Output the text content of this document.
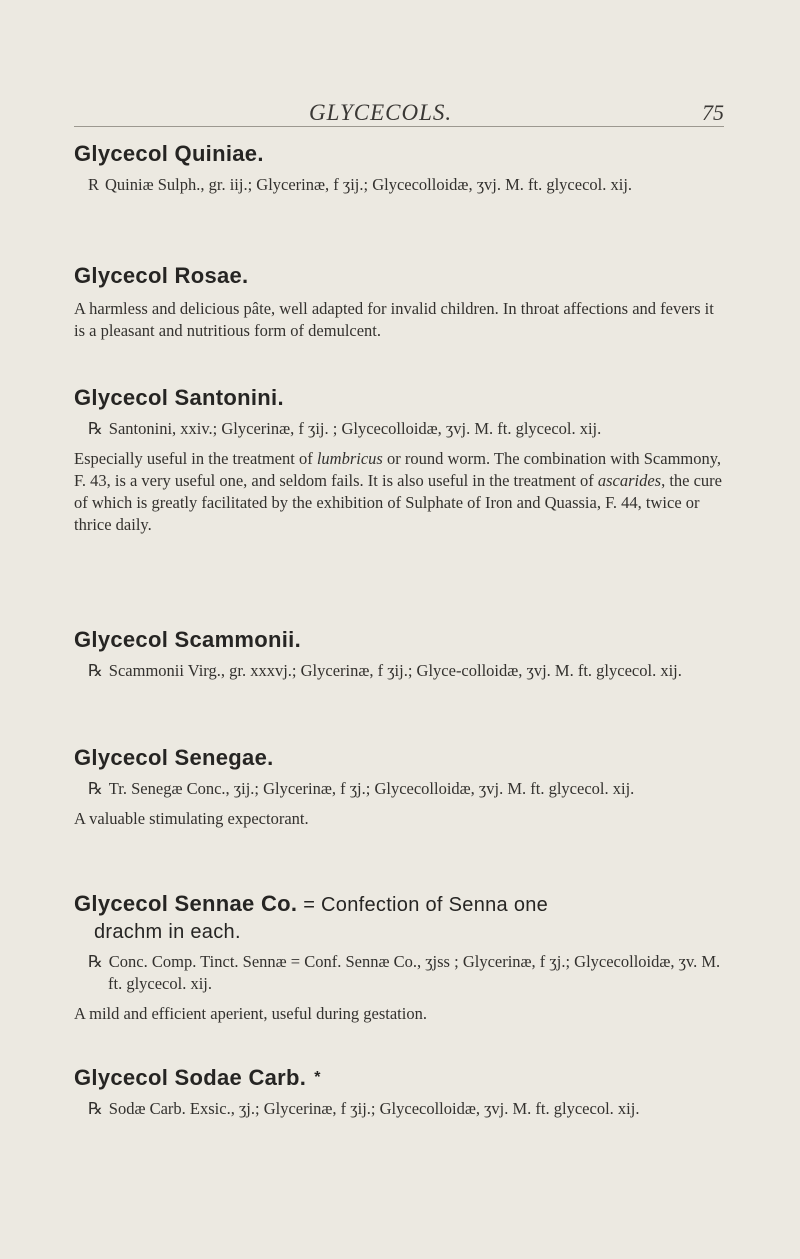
GLYCECOLS.	75
Glycecol Quiniae.

R Quiniæ Sulph., gr. iij.; Glycerinæ, f ʒij.; Glycecolloidæ, ʒvj. M. ft. glycecol. xij.

Glycecol Rosae.

A harmless and delicious pâte, well adapted for invalid children. In throat affections and fevers it is a pleasant and nutritious form of demulcent.

Glycecol Santonini.

℞ Santonini, xxiv.; Glycerinæ, f ʒij. ; Glycecolloidæ, ʒvj. M. ft. glycecol. xij.

Especially useful in the treatment of lumbricus or round worm. The combination with Scammony, F. 43, is a very useful one, and seldom fails. It is also useful in the treatment of ascarides, the cure of which is greatly facilitated by the exhibition of Sulphate of Iron and Quassia, F. 44, twice or thrice daily.

Glycecol Scammonii.

℞ Scammonii Virg., gr. xxxvj.; Glycerinæ, f ʒij.; Glyce-colloidæ, ʒvj. M. ft. glycecol. xij.

Glycecol Senegae.

℞ Tr. Senegæ Conc., ʒij.; Glycerinæ, f ʒj.; Glycecolloidæ, ʒvj. M. ft. glycecol. xij.

A valuable stimulating expectorant.

Glycecol Sennae Co. = Confection of Senna one
drachm in each.

℞ Conc. Comp. Tinct. Sennæ = Conf. Sennæ Co., ʒjss ; Glycerinæ, f ʒj.; Glycecolloidæ, ʒv. M. ft. glycecol. xij.

A mild and efficient aperient, useful during gestation.

Glycecol Sodae Carb. *

℞ Sodæ Carb. Exsic., ʒj.; Glycerinæ, f ʒij.; Glycecolloidæ, ʒvj. M. ft. glycecol. xij.
